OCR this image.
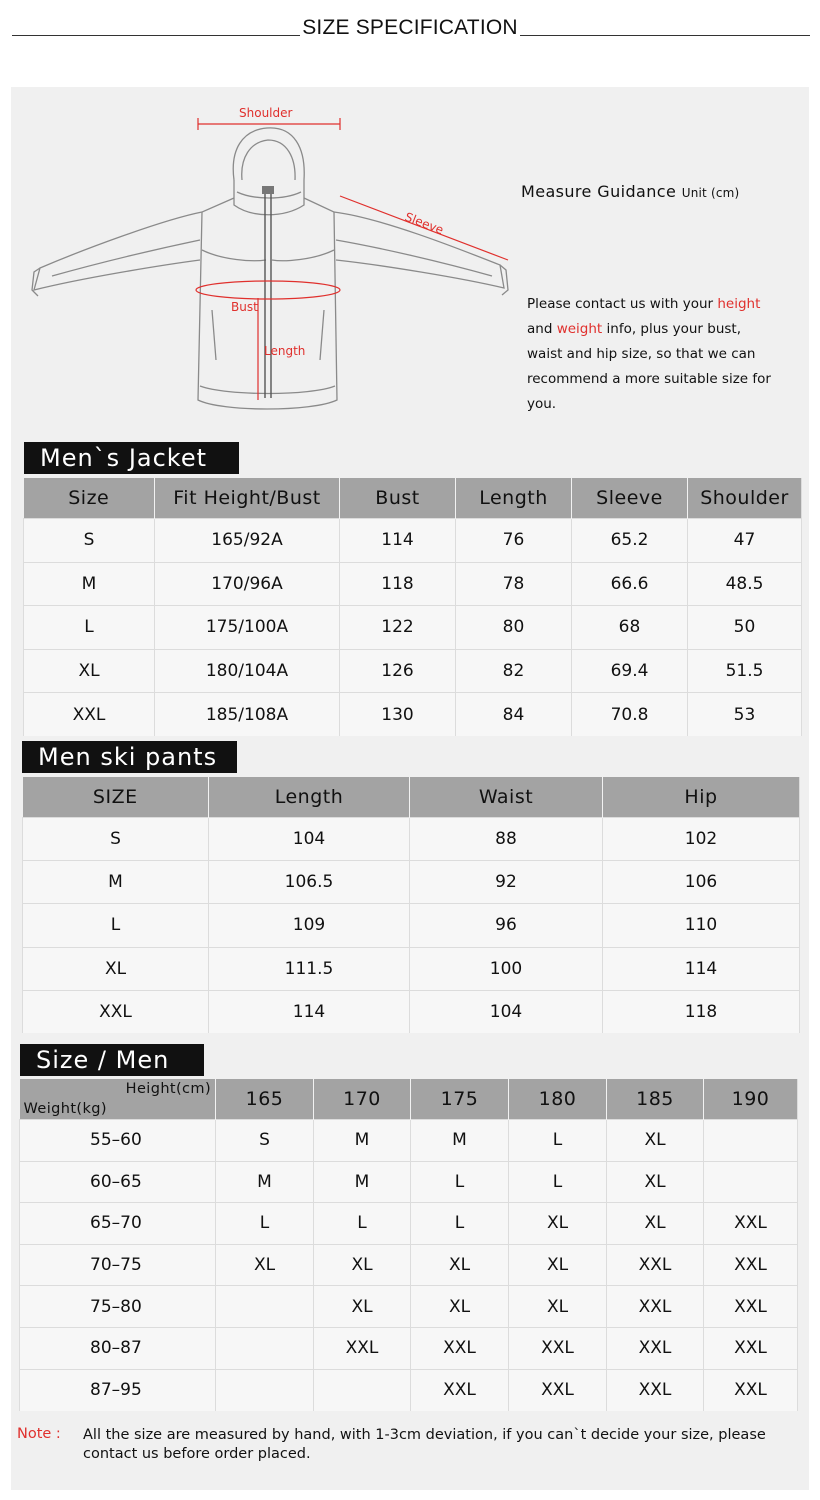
SIZE SPECIFICATION
Shoulder
Sleeve
Bust
Length
Measure Guidance Unit (cm)
Please contact us with your height and weight info, plus your bust, waist and hip size, so that we can recommend a more suitable size for you.
Men`s Jacket
Size	Fit Height/Bust	Bust	Length	Sleeve	Shoulder
S	165/92A	114	76	65.2	47
M	170/96A	118	78	66.6	48.5
L	175/100A	122	80	68	50
XL	180/104A	126	82	69.4	51.5
XXL	185/108A	130	84	70.8	53
Men ski pants
SIZE	Length	Waist	Hip
S	104	88	102
M	106.5	92	106
L	109	96	110
XL	111.5	100	114
XXL	114	104	118
Size / Men
Height(cm)
Weight(kg)	165	170	175	180	185	190
55–60	S	M	M	L	XL	
60–65	M	M	L	L	XL	
65–70	L	L	L	XL	XL	XXL
70–75	XL	XL	XL	XL	XXL	XXL
75–80		XL	XL	XL	XXL	XXL
80–87		XXL	XXL	XXL	XXL	XXL
87–95			XXL	XXL	XXL	XXL
Note : All the size are measured by hand, with 1-3cm deviation, if you can`t decide your size, please contact us before order placed.
